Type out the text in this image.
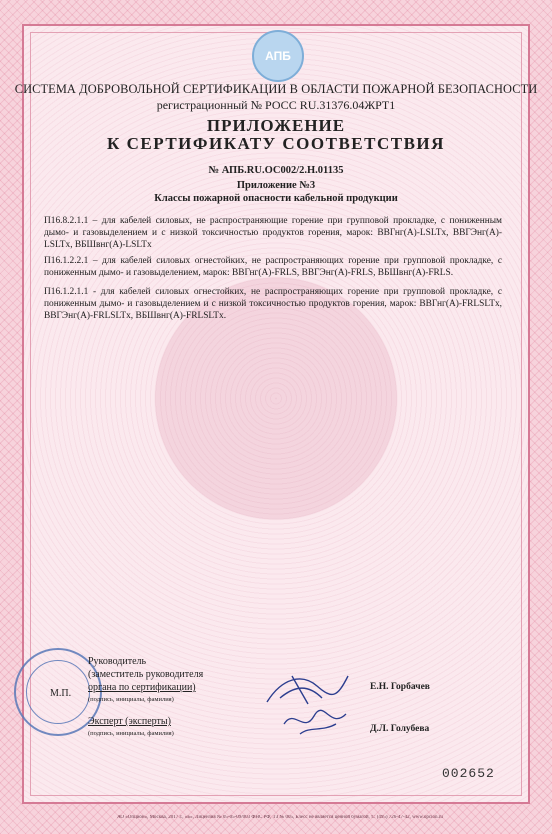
АПБ
СИСТЕМА ДОБРОВОЛЬНОЙ СЕРТИФИКАЦИИ В ОБЛАСТИ ПОЖАРНОЙ БЕЗОПАСНОСТИ
регистрационный № РОСС RU.31376.04ЖРТ1
ПРИЛОЖЕНИЕ
К СЕРТИФИКАТУ СООТВЕТСТВИЯ
№ АПБ.RU.ОС002/2.Н.01135
Приложение №3
Классы пожарной опасности кабельной продукции
П16.8.2.1.1 – для кабелей силовых, не распространяющие горение при групповой прокладке, с пониженным дымо- и газовыделением и с низкой токсичностью продуктов горения, марок: ВВГнг(А)-LSLTx, ВВГЭнг(А)-LSLTx, ВБШвнг(А)-LSLTx
П16.1.2.2.1 – для кабелей силовых огнестойких, не распространяющих горение при групповой прокладке, с пониженным дымо- и газовыделением, марок: ВВГнг(А)-FRLS, ВВГЭнг(А)-FRLS, ВБШвнг(А)-FRLS.
П16.1.2.1.1 - для кабелей силовых огнестойких, не распространяющих горение при групповой прокладке, с пониженным дымо- и газовыделением и с низкой токсичностью продуктов горения, марок: ВВГнг(А)-FRLSLTx, ВВГЭнг(А)-FRLSLTx, ВБШвнг(А)-FRLSLTx.
М.П.
Руководитель
(заместитель руководителя
органа по сертификации)
(подпись, инициалы, фамилия)
Эксперт (эксперты)
(подпись, инициалы, фамилия)
Е.Н. Горбачев
Д.Л. Голубева
002652
АО «Опцион», Москва, 2017 г., «Б», Лицензия № 05-05-09/003 ФНС РФ, ТЗ № 005, Блесс не является ценной бумагой, т.: (495) 726-47-42, www.opcion.ru
